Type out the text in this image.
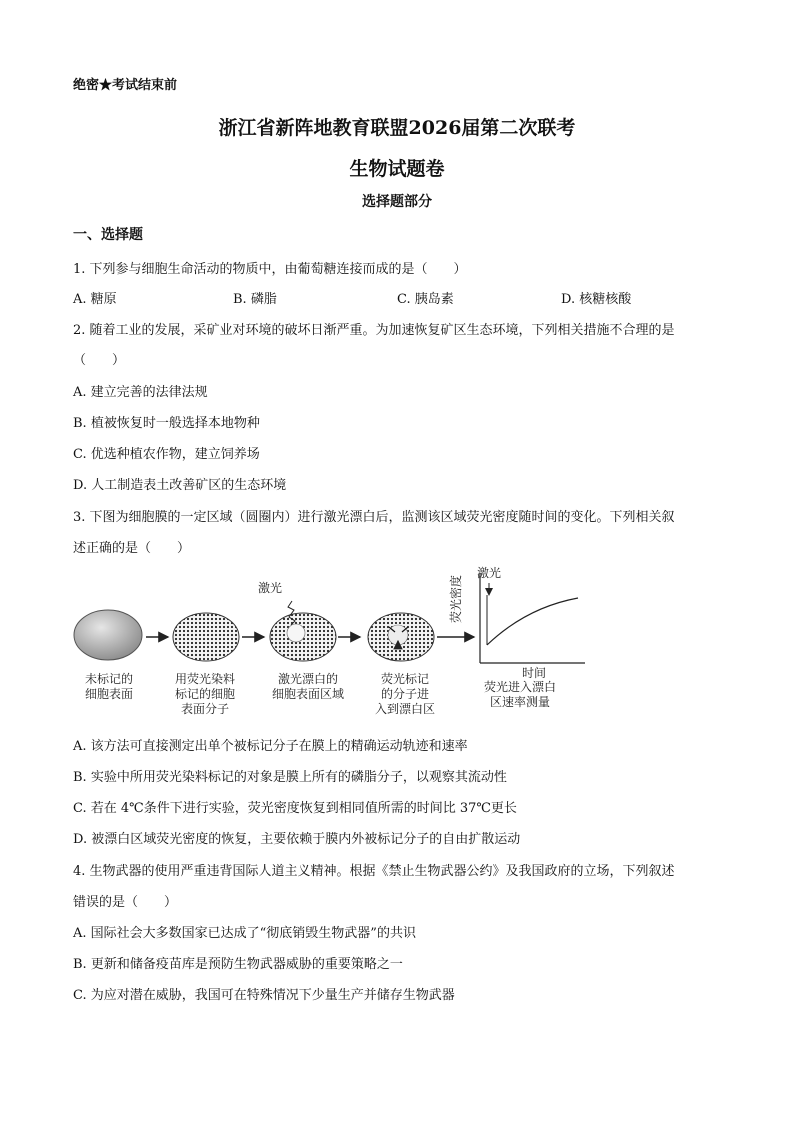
绝密★考试结束前
浙江省新阵地教育联盟2026届第二次联考
生物试题卷
选择题部分
一、选择题
1. 下列参与细胞生命活动的物质中，由葡萄糖连接而成的是（　　）
A. 糖原	B. 磷脂	C. 胰岛素	D. 核糖核酸
2. 随着工业的发展，采矿业对环境的破坏日渐严重。为加速恢复矿区生态环境，下列相关措施不合理的是
（　　）
A. 建立完善的法律法规
B. 植被恢复时一般选择本地物种
C. 优选种植农作物，建立饲养场
D. 人工制造表土改善矿区的生态环境
3. 下图为细胞膜的一定区域（圆圈内）进行激光漂白后，监测该区域荧光密度随时间的变化。下列相关叙
述正确的是（　　）
激光	荧光密度
激光
时间
未标记的
细胞表面
用荧光染料
标记的细胞
表面分子
激光漂白的
细胞表面区域
荧光标记
的分子进
入到漂白区
荧光进入漂白
区速率测量
A. 该方法可直接测定出单个被标记分子在膜上的精确运动轨迹和速率
B. 实验中所用荧光染料标记的对象是膜上所有的磷脂分子，以观察其流动性
C. 若在 4℃条件下进行实验，荧光密度恢复到相同值所需的时间比 37℃更长
D. 被漂白区域荧光密度的恢复，主要依赖于膜内外被标记分子的自由扩散运动
4. 生物武器的使用严重违背国际人道主义精神。根据《禁止生物武器公约》及我国政府的立场，下列叙述
错误的是（　　）
A. 国际社会大多数国家已达成了“彻底销毁生物武器”的共识
B. 更新和储备疫苗库是预防生物武器威胁的重要策略之一
C. 为应对潜在威胁，我国可在特殊情况下少量生产并储存生物武器
